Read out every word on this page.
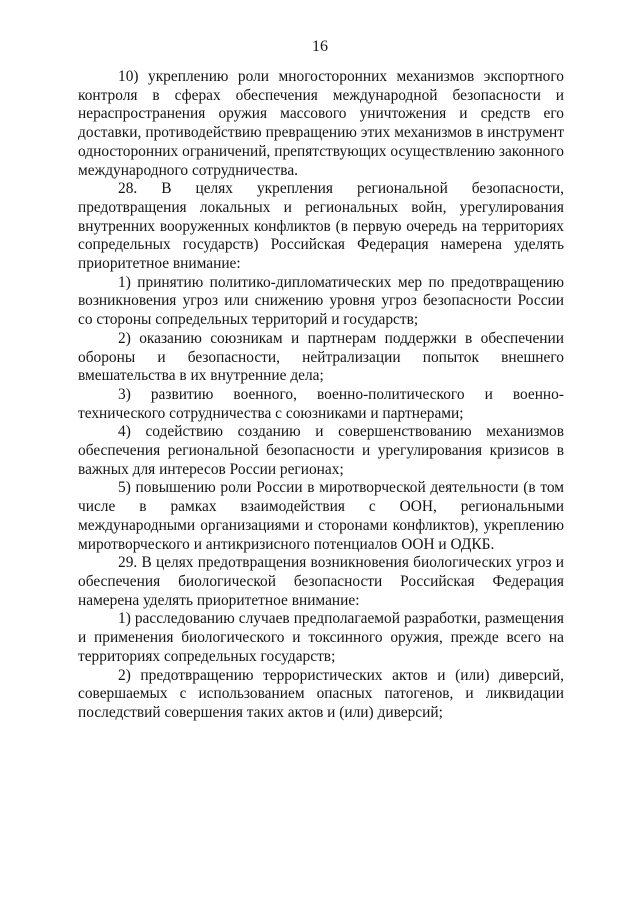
16

10) укреплению роли многосторонних механизмов экспортного контроля в сферах обеспечения международной безопасности и нераспространения оружия массового уничтожения и средств его доставки, противодействию превращению этих механизмов в инструмент односторонних ограничений, препятствующих осуществлению законного международного сотрудничества.

28. В целях укрепления региональной безопасности, предотвращения локальных и региональных войн, урегулирования внутренних вооруженных конфликтов (в первую очередь на территориях сопредельных государств) Российская Федерация намерена уделять приоритетное внимание:

1) принятию политико-дипломатических мер по предотвращению возникновения угроз или снижению уровня угроз безопасности России со стороны сопредельных территорий и государств;

2) оказанию союзникам и партнерам поддержки в обеспечении обороны и безопасности, нейтрализации попыток внешнего вмешательства в их внутренние дела;

3) развитию военного, военно-политического и военно-технического сотрудничества с союзниками и партнерами;

4) содействию созданию и совершенствованию механизмов обеспечения региональной безопасности и урегулирования кризисов в важных для интересов России регионах;

5) повышению роли России в миротворческой деятельности (в том числе в рамках взаимодействия с ООН, региональными международными организациями и сторонами конфликтов), укреплению миротворческого и антикризисного потенциалов ООН и ОДКБ.

29. В целях предотвращения возникновения биологических угроз и обеспечения биологической безопасности Российская Федерация намерена уделять приоритетное внимание:

1) расследованию случаев предполагаемой разработки, размещения и применения биологического и токсинного оружия, прежде всего на территориях сопредельных государств;

2) предотвращению террористических актов и (или) диверсий, совершаемых с использованием опасных патогенов, и ликвидации последствий совершения таких актов и (или) диверсий;
